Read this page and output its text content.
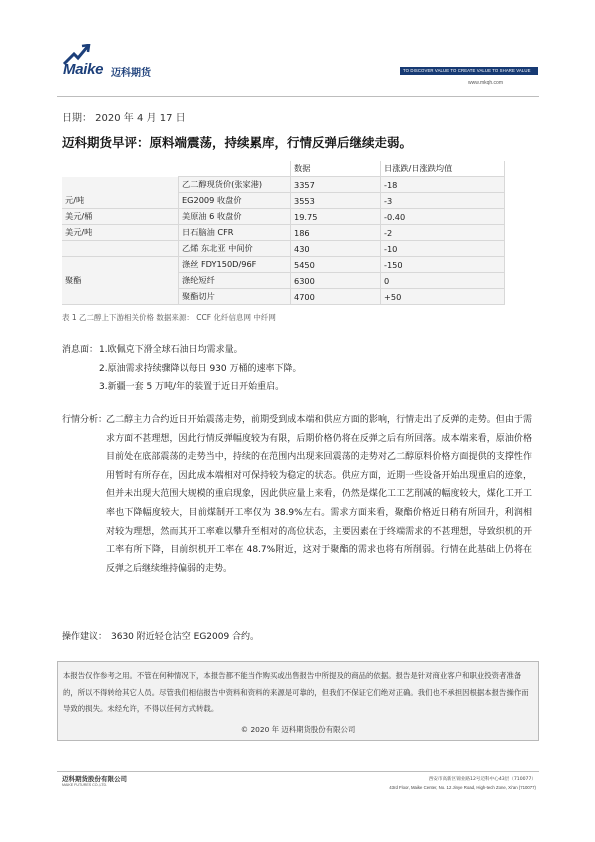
Maike 迈科期货	TO DISCOVER VALUE TO CREATE VALUE TO SHARE VALUE
www.mkqh.com
日期： 2020 年 4 月 17 日
迈科期货早评：原料端震荡，持续累库，行情反弹后继续走弱。
		数据	日涨跌/日涨跌均值
	乙二醇现货价(张家港)	3357	-18
元/吨	EG2009 收盘价	3553	-3
美元/桶	美原油 6 收盘价	19.75	-0.40
美元/吨	日石脑油 CFR	186	-2
	乙烯 东北亚 中间价	430	-10
	涤丝 FDY150D/96F	5450	-150
聚酯	涤纶短纤	6300	0
	聚酯切片	4700	+50
表 1 乙二醇上下游相关价格 数据来源： CCF 化纤信息网 中纤网
消息面： 1.欧佩克下滑全球石油日均需求量。
2.原油需求持续骤降以每日 930 万桶的速率下降。
3.新疆一套 5 万吨/年的装置于近日开始重启。
行情分析：
乙二醇主力合约近日开始震荡走势，前期受到成本端和供应方面的影响，行情走出了反弹的走势。但由于需求方面不甚理想，因此行情反弹幅度较为有限，后期价格仍将在反弹之后有所回落。成本端来看，原油价格目前处在底部震荡的走势当中，持续的在范围内出现来回震荡的走势对乙二醇原料价格方面提供的支撑性作用暂时有所存在，因此成本端相对可保持较为稳定的状态。供应方面，近期一些设备开始出现重启的迹象，但并未出现大范围大规模的重启现象，因此供应量上来看，仍然是煤化工工艺削减的幅度较大，煤化工开工率也下降幅度较大，目前煤制开工率仅为 38.9%左右。需求方面来看，聚酯价格近日稍有所回升，利润相对较为理想，然而其开工率难以攀升至相对的高位状态，主要因素在于终端需求的不甚理想，导致织机的开工率有所下降，目前织机开工率在 48.7%附近，这对于聚酯的需求也将有所削弱。行情在此基础上仍将在反弹之后继续维持偏弱的走势。
操作建议： 3630 附近轻仓沽空 EG2009 合约。
本报告仅作参考之用。不管在何种情况下，本报告都不能当作购买或出售报告中所提及的商品的依据。报告是针对商业客户和职业投资者准备的，所以不得转给其它人员。尽管我们相信报告中资料和资料的来源是可靠的，但我们不保证它们绝对正确。我们也不承担因根据本报告操作而导致的损失。未经允许，不得以任何方式转载。
© 2020 年 迈科期货股份有限公司
迈科期货股份有限公司
MAIKE FUTURES CO.,LTD.
西安市高新区锦业路12号迈科中心43层（710077）
43rd Floor, Maike Center, No. 12 Jinye Road, High-tech Zone, Xi'an (710077)
